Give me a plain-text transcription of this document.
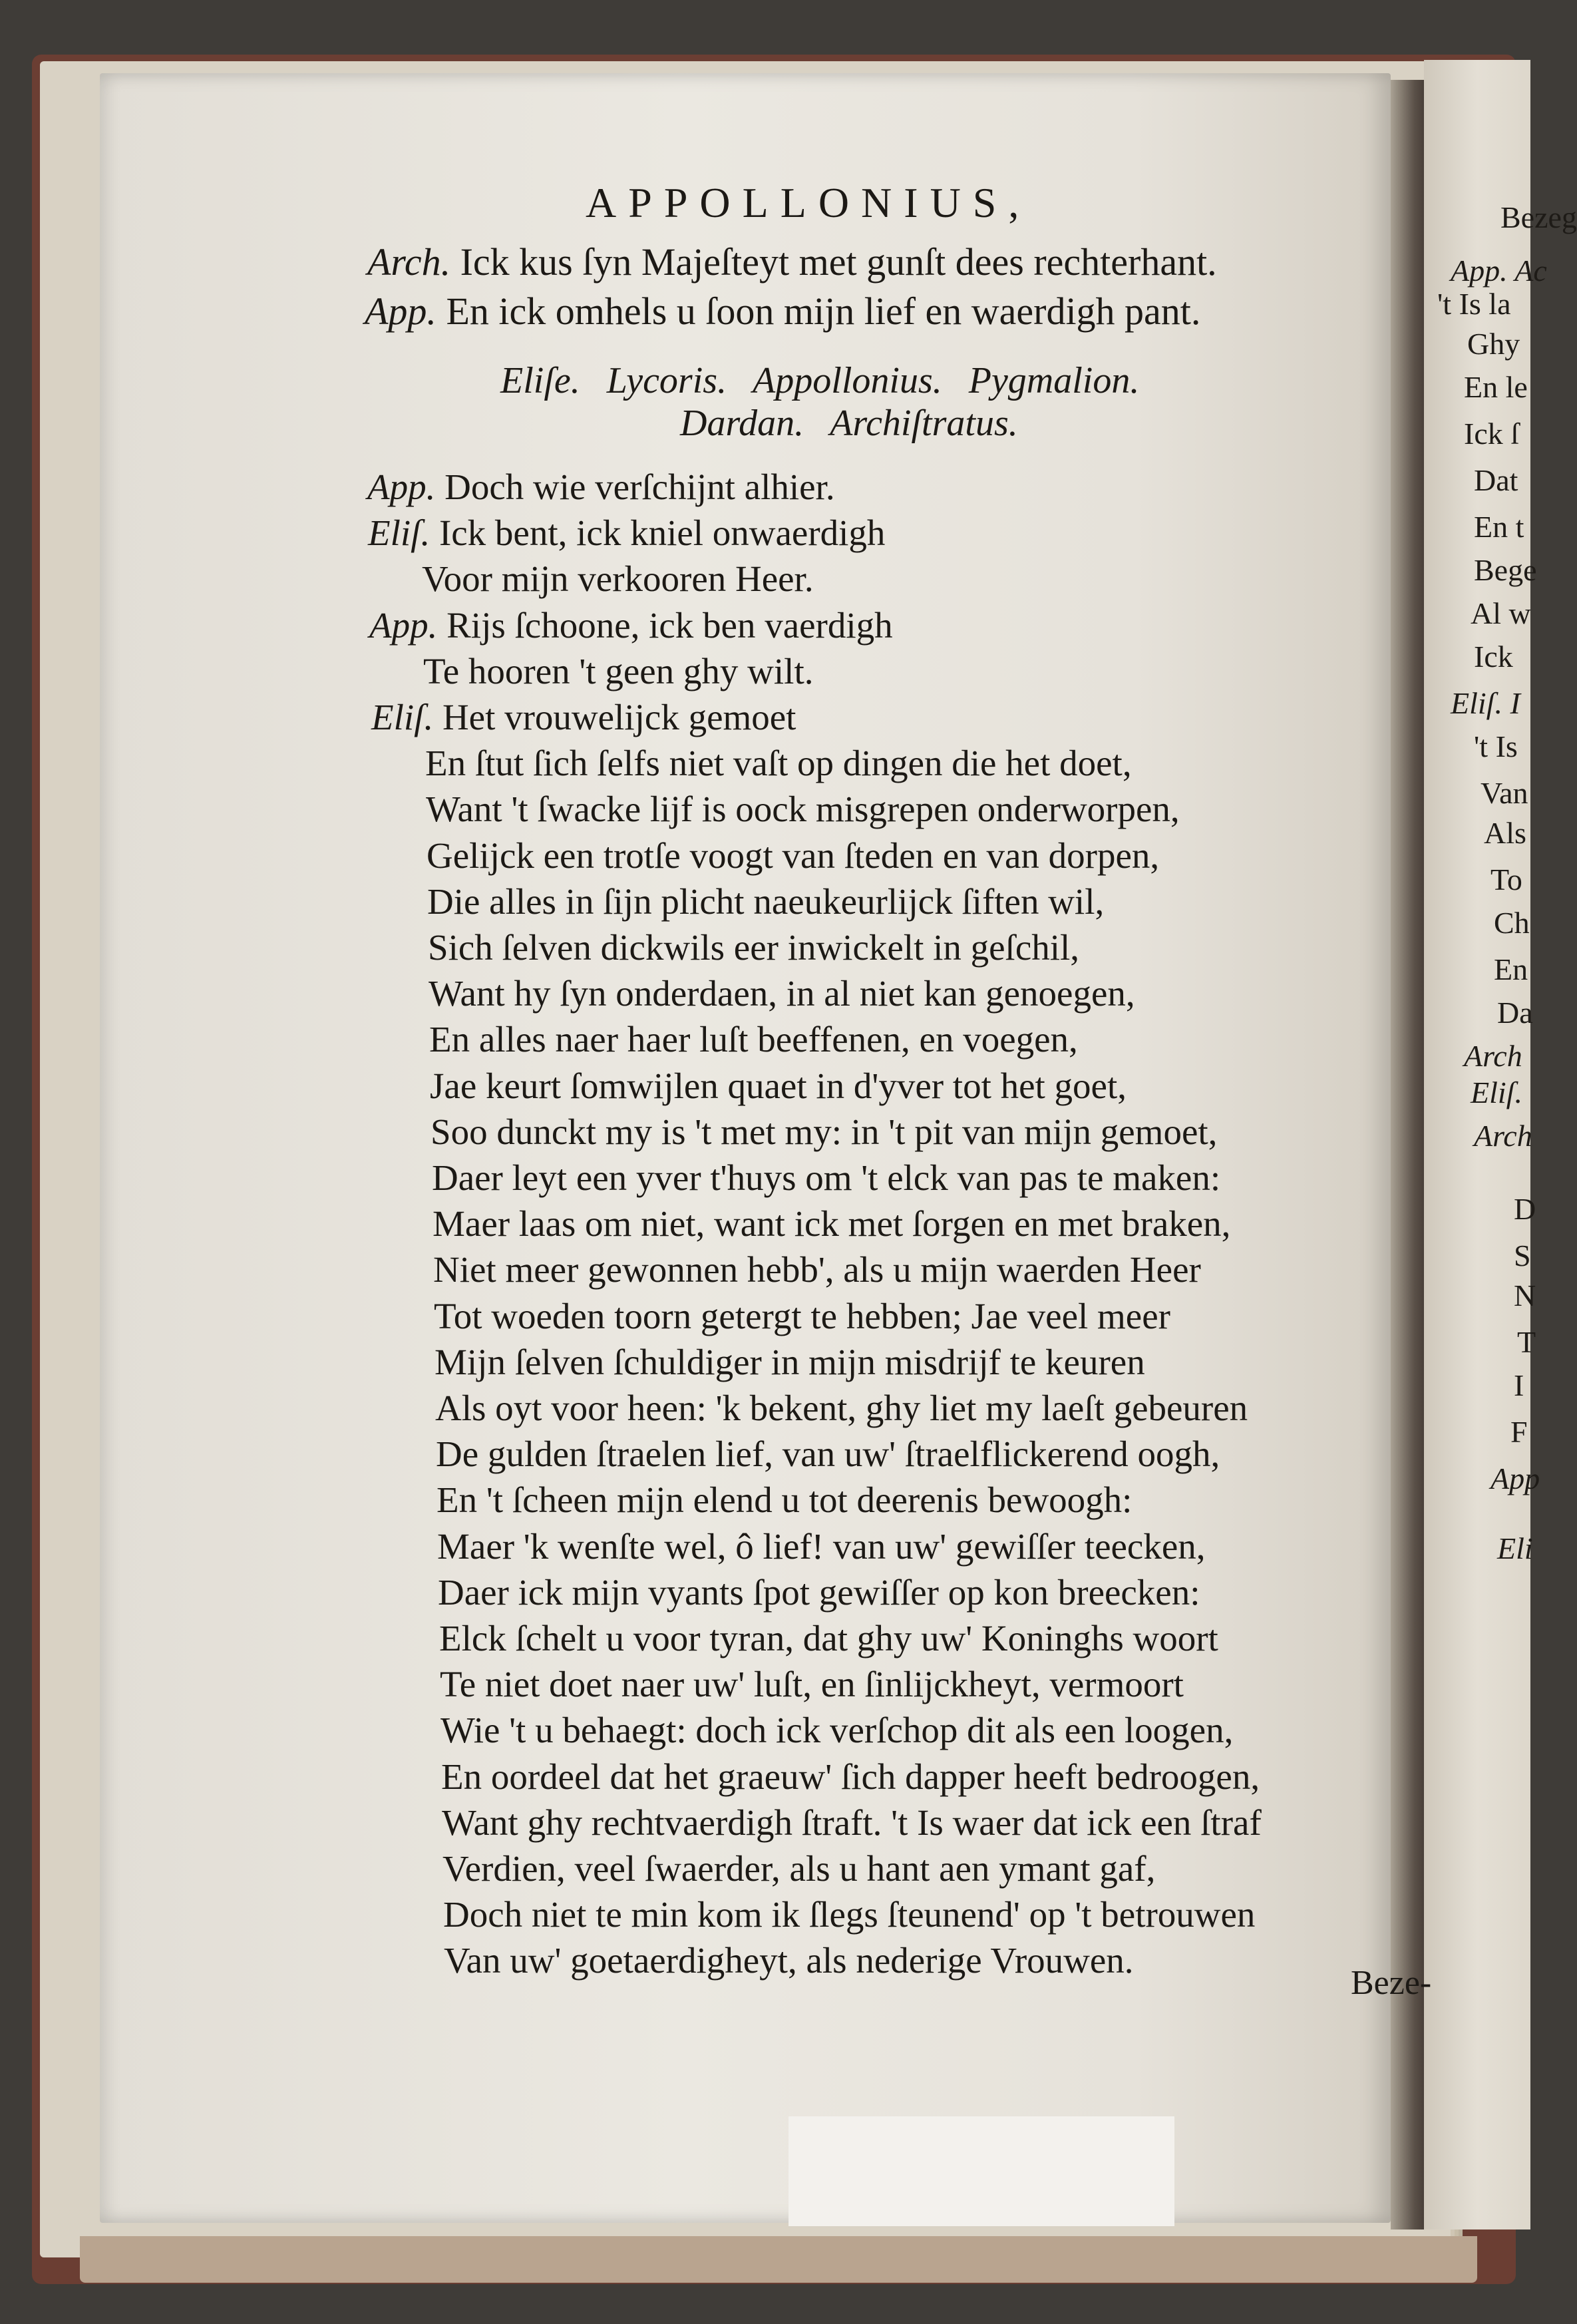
APPOLLONIUS,
Arch. Ick kus ſyn Majeſteyt met gunſt dees rechterhant.
App. En ick omhels u ſoon mijn lief en waerdigh pant.
Eliſe. Lycoris. Appollonius. Pygmalion.
Dardan. Archiſtratus.
App. Doch wie verſchijnt alhier.
Eliſ. Ick bent, ick kniel onwaerdigh
Voor mijn verkooren Heer.
App. Rijs ſchoone, ick ben vaerdigh
Te hooren 't geen ghy wilt.
Eliſ. Het vrouwelijck gemoet
En ſtut ſich ſelfs niet vaſt op dingen die het doet,
Want 't ſwacke lijf is oock misgrepen onderworpen,
Gelijck een trotſe voogt van ſteden en van dorpen,
Die alles in ſijn plicht naeukeurlijck ſiften wil,
Sich ſelven dickwils eer inwickelt in geſchil,
Want hy ſyn onderdaen, in al niet kan genoegen,
En alles naer haer luſt beeffenen, en voegen,
Jae keurt ſomwijlen quaet in d'yver tot het goet,
Soo dunckt my is 't met my: in 't pit van mijn gemoet,
Daer leyt een yver t'huys om 't elck van pas te maken:
Maer laas om niet, want ick met ſorgen en met braken,
Niet meer gewonnen hebb', als u mijn waerden Heer
Tot woeden toorn getergt te hebben; Jae veel meer
Mijn ſelven ſchuldiger in mijn misdrijf te keuren
Als oyt voor heen: 'k bekent, ghy liet my laeſt gebeuren
De gulden ſtraelen lief, van uw' ſtraelflickerend oogh,
En 't ſcheen mijn elend u tot deerenis bewoogh:
Maer 'k wenſte wel, ô lief! van uw' gewiſſer teecken,
Daer ick mijn vyants ſpot gewiſſer op kon breecken:
Elck ſchelt u voor tyran, dat ghy uw' Koninghs woort
Te niet doet naer uw' luſt, en ſinlijckheyt, vermoort
Wie 't u behaegt: doch ick verſchop dit als een loogen,
En oordeel dat het graeuw' ſich dapper heeft bedroogen,
Want ghy rechtvaerdigh ſtraft. 't Is waer dat ick een ſtraf
Verdien, veel ſwaerder, als u hant aen ymant gaf,
Doch niet te min kom ik ſlegs ſteunend' op 't betrouwen
Van uw' goetaerdigheyt, als nederige Vrouwen.
Beze-
Bezeg
App. Ac
't Is la
Ghy
En le
Ick ſ
Dat
En t
Bege
Al w
Ick
Eliſ. I
't Is
Van
Als
To
Ch
En
Da
Arch
Eliſ.
Arch
D
S
N
T
I
F
App
Eli
